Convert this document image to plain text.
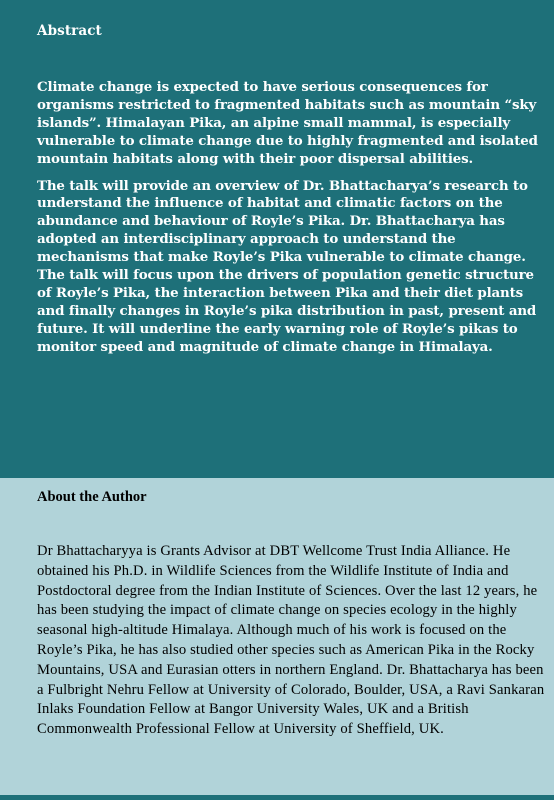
Abstract

Climate change is expected to have serious consequences for organisms restricted to fragmented habitats such as mountain “sky islands”. Himalayan Pika, an alpine small mammal, is especially vulnerable to climate change due to highly fragmented and isolated mountain habitats along with their poor dispersal abilities.

The talk will provide an overview of Dr. Bhattacharya’s research to understand the influence of habitat and climatic factors on the abundance and behaviour of Royle’s Pika. Dr. Bhattacharya has adopted an interdisciplinary approach to understand the mechanisms that make Royle’s Pika vulnerable to climate change. The talk will focus upon the drivers of population genetic structure of Royle’s Pika, the interaction between Pika and their diet plants and finally changes in Royle’s pika distribution in past, present and future. It will underline the early warning role of Royle’s pikas to monitor speed and magnitude of climate change in Himalaya.

About the Author

Dr Bhattacharyya is Grants Advisor at DBT Wellcome Trust India Alliance. He obtained his Ph.D. in Wildlife Sciences from the Wildlife Institute of India and Postdoctoral degree from the Indian Institute of Sciences. Over the last 12 years, he has been studying the impact of climate change on species ecology in the highly seasonal high-altitude Himalaya. Although much of his work is focused on the Royle’s Pika, he has also studied other species such as American Pika in the Rocky Mountains, USA and Eurasian otters in northern England. Dr. Bhattacharya has been a Fulbright Nehru Fellow at University of Colorado, Boulder, USA, a Ravi Sankaran Inlaks Foundation Fellow at Bangor University Wales, UK and a British Commonwealth Professional Fellow at University of Sheffield, UK.
